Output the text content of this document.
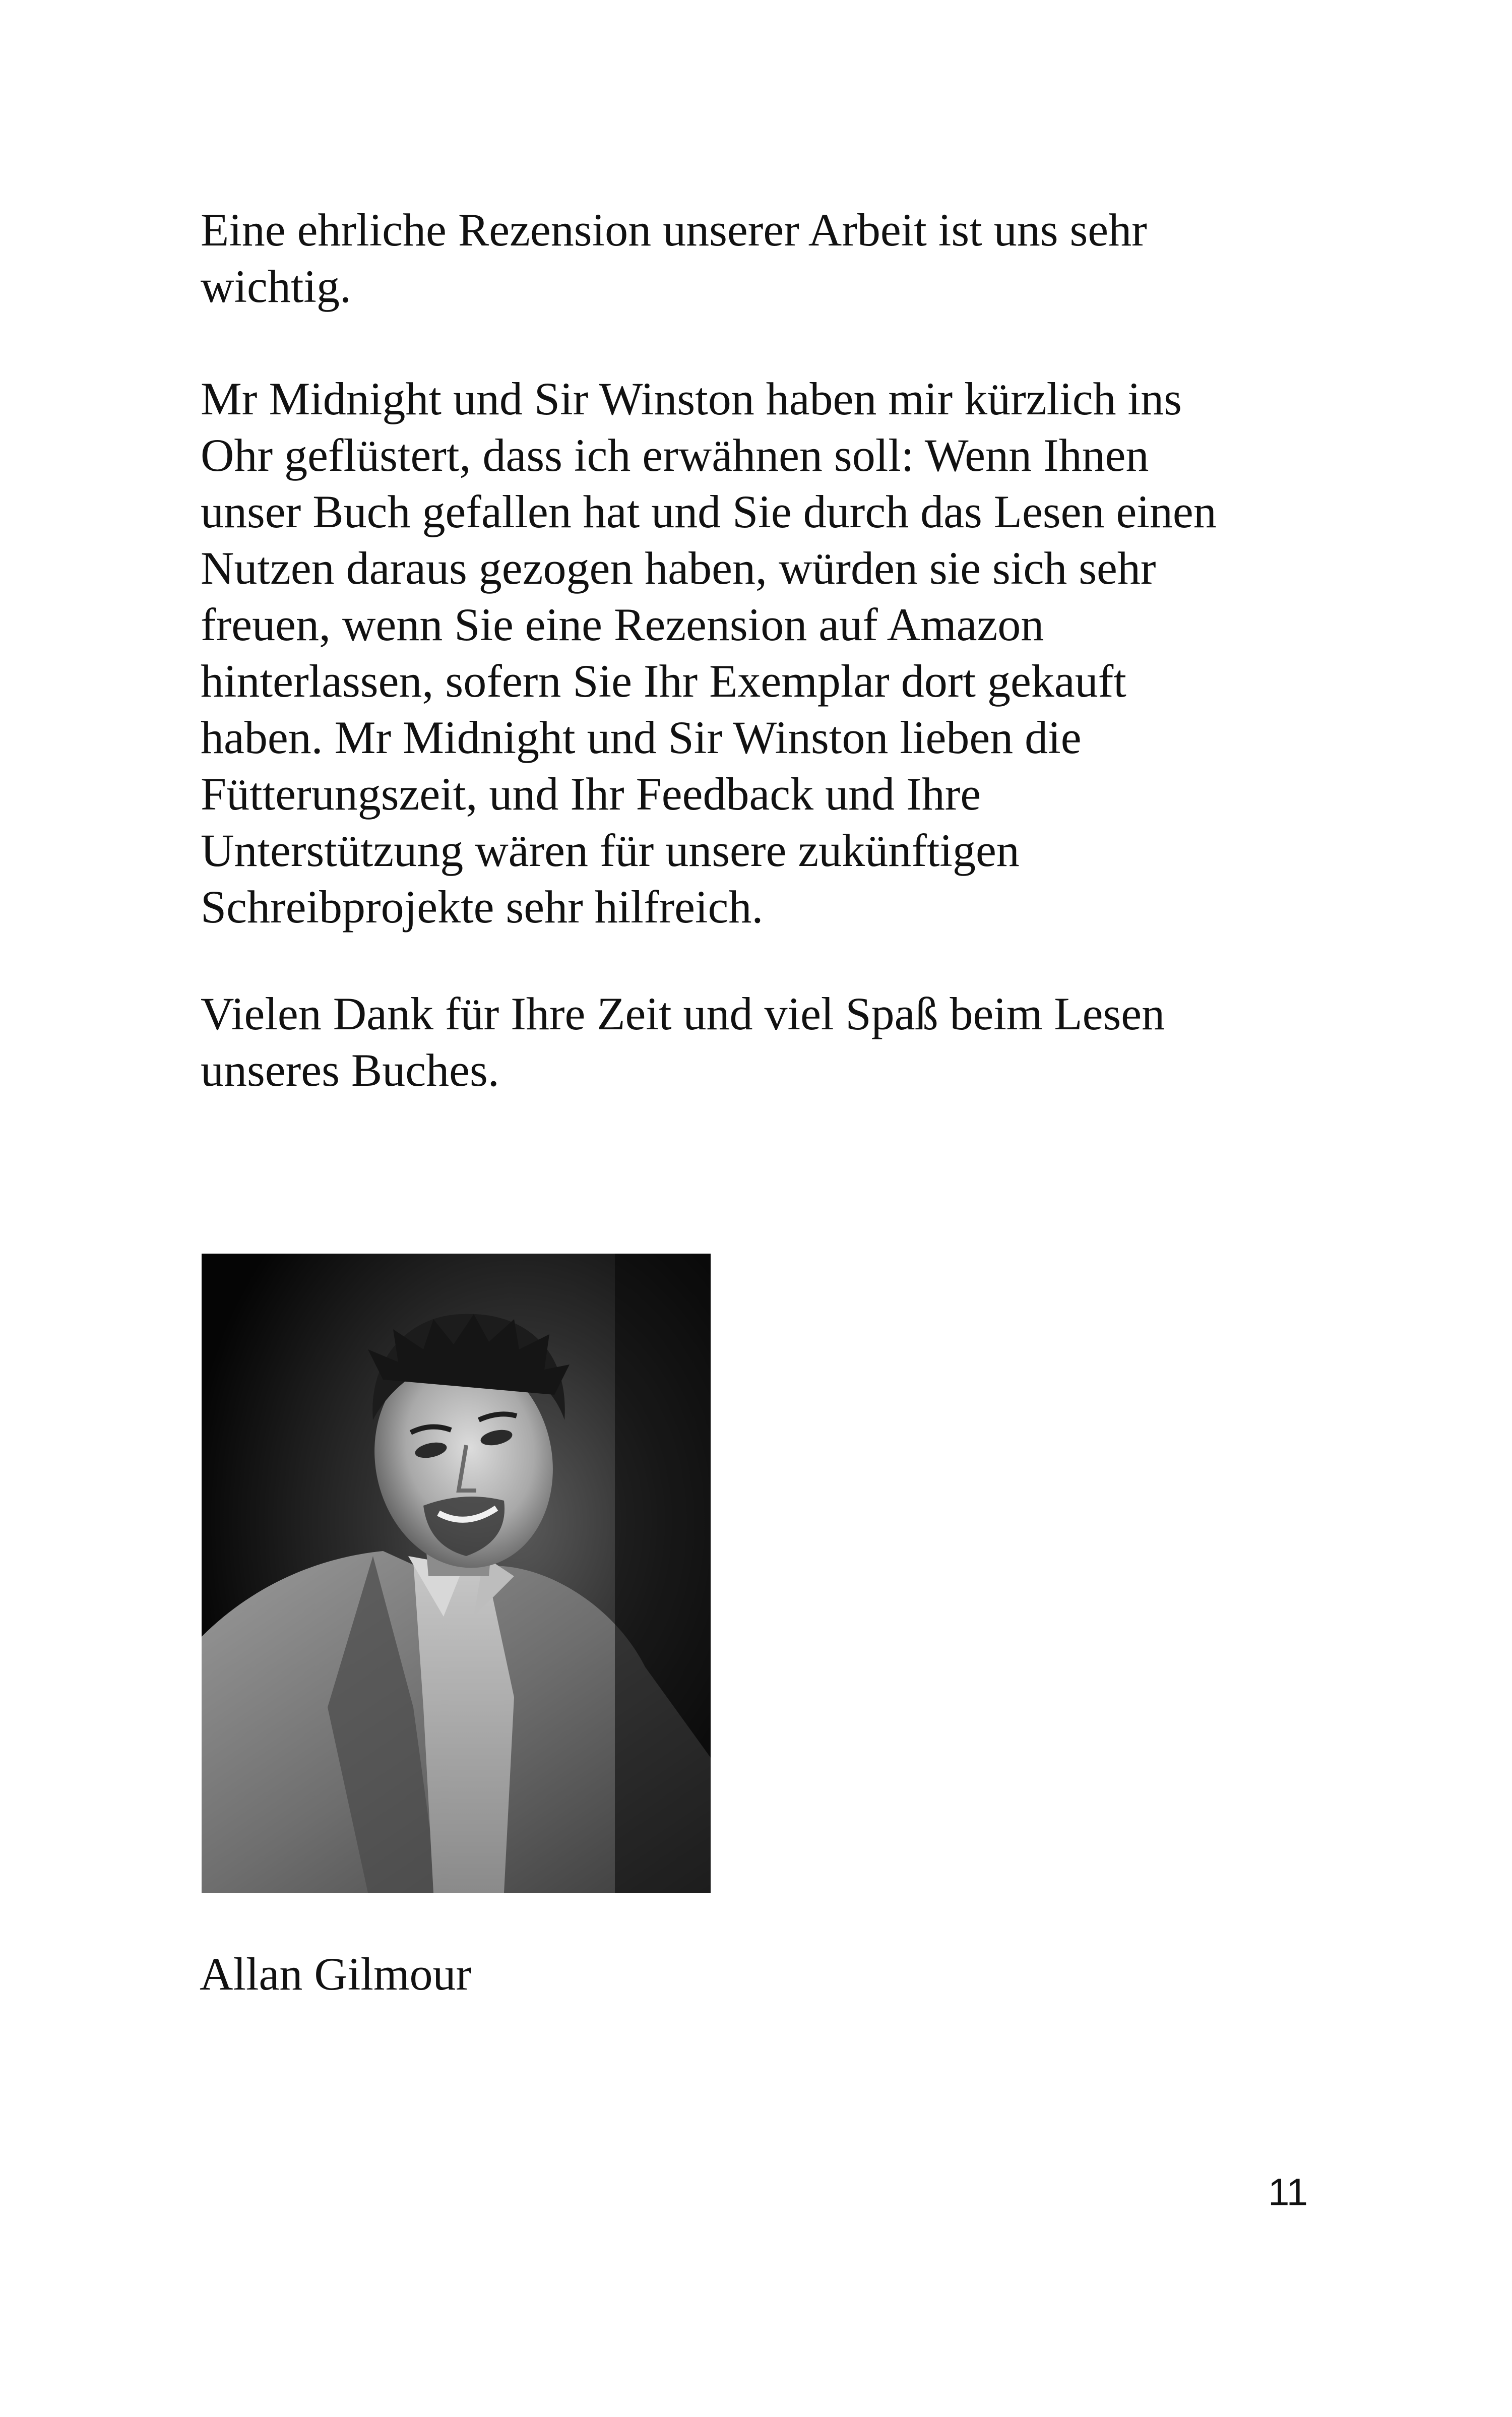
Eine ehrliche Rezension unserer Arbeit ist uns sehr
wichtig.
Mr Midnight und Sir Winston haben mir kürzlich ins
Ohr geflüstert, dass ich erwähnen soll: Wenn Ihnen
unser Buch gefallen hat und Sie durch das Lesen einen
Nutzen daraus gezogen haben, würden sie sich sehr
freuen, wenn Sie eine Rezension auf Amazon
hinterlassen, sofern Sie Ihr Exemplar dort gekauft
haben. Mr Midnight und Sir Winston lieben die
Fütterungszeit, und Ihr Feedback und Ihre
Unterstützung wären für unsere zukünftigen
Schreibprojekte sehr hilfreich.
Vielen Dank für Ihre Zeit und viel Spaß beim Lesen
unseres Buches.
Allan Gilmour
11
